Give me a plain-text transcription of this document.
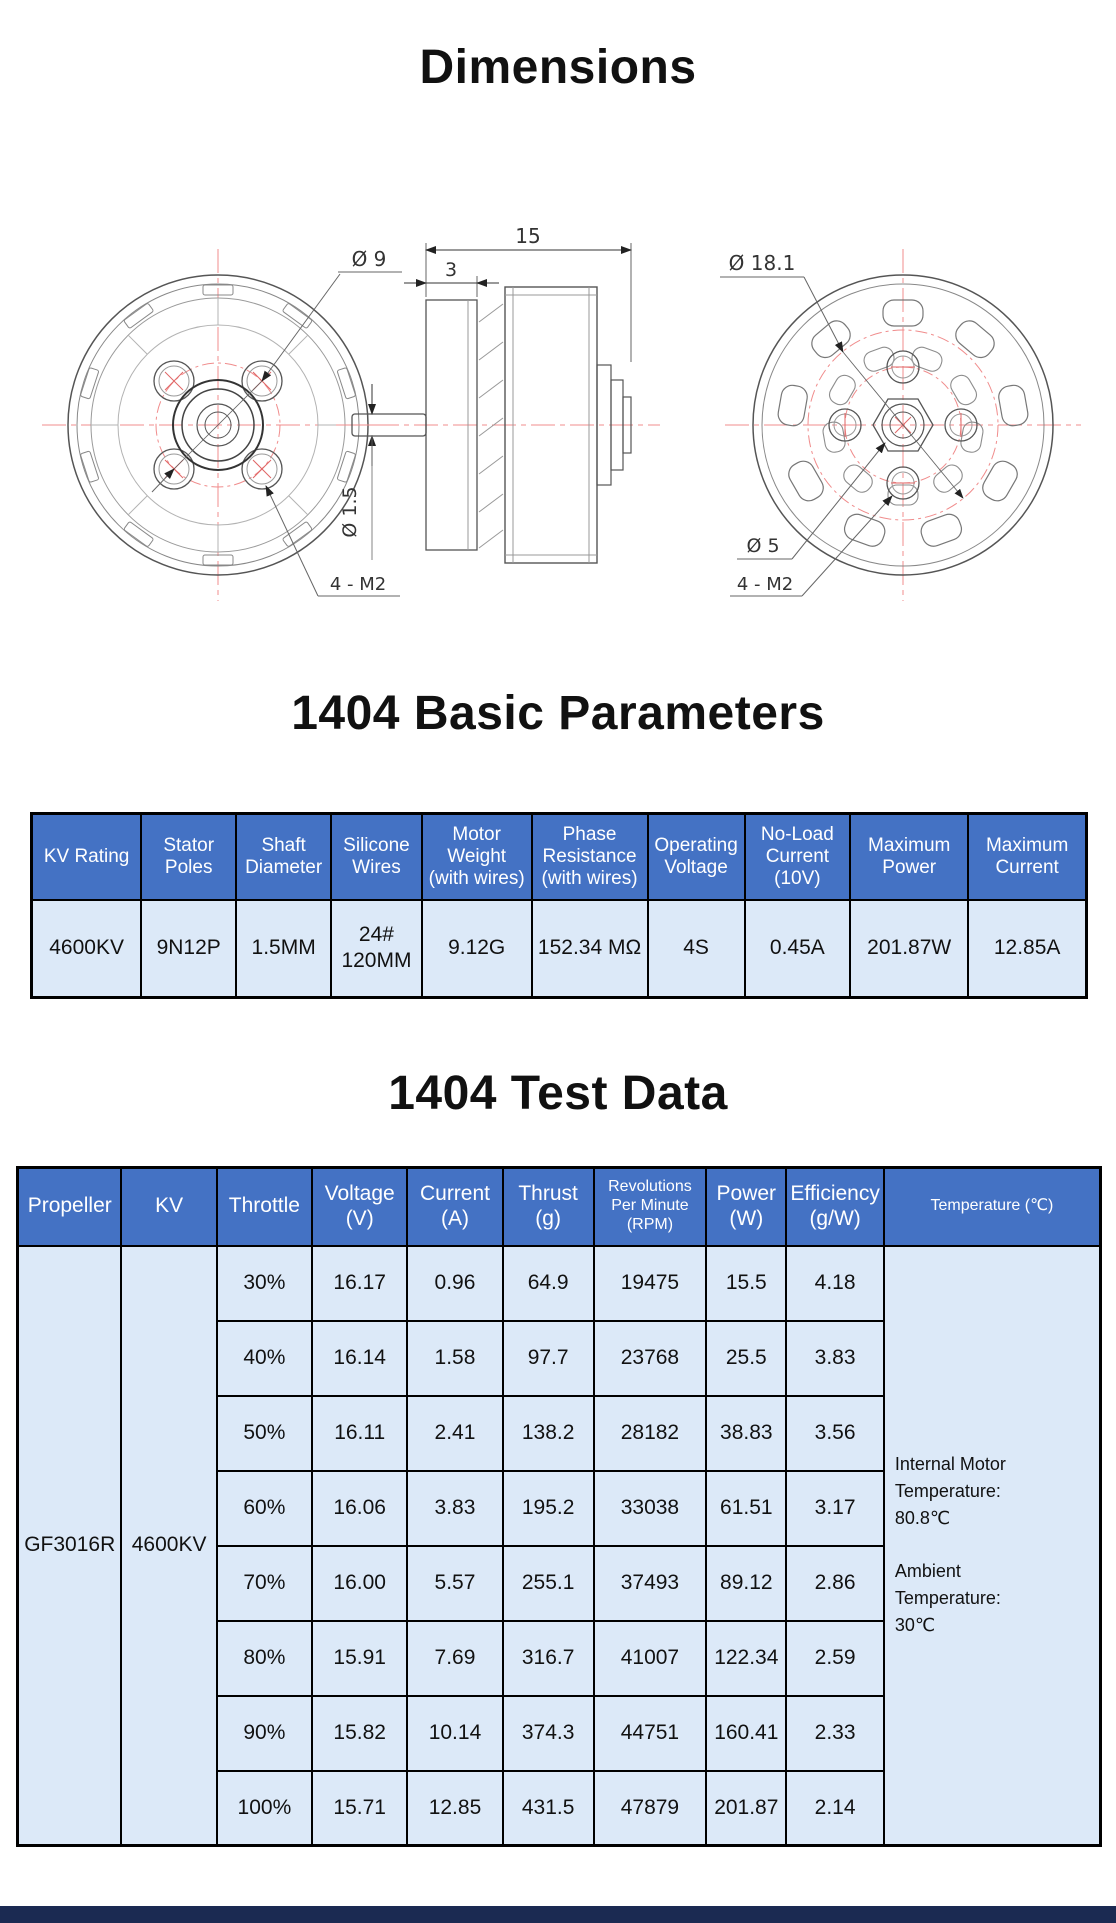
Dimensions
Ø 9
4 - M2
15
3
Ø 1.5
Ø 18.1
Ø 5
4 - M2
1404 Basic Parameters
KV Rating	Stator Poles	Shaft Diameter	Silicone Wires	Motor Weight (with wires)	Phase Resistance (with wires)	Operating Voltage	No-Load Current (10V)	Maximum Power	Maximum Current
4600KV	9N12P	1.5MM	24# 120MM	9.12G	152.34 MΩ	4S	0.45A	201.87W	12.85A
1404 Test Data
Propeller	KV	Throttle	Voltage (V)	Current (A)	Thrust (g)	Revolutions Per Minute (RPM)	Power (W)	Efficiency (g/W)	Temperature (℃)
GF3016R	4600KV	30%	16.17	0.96	64.9	19475	15.5	4.18	Internal Motor Temperature: 80.8℃
Ambient Temperature: 30℃

		40%	16.14	1.58	97.7	23768	25.5	3.83	
		50%	16.11	2.41	138.2	28182	38.83	3.56	
		60%	16.06	3.83	195.2	33038	61.51	3.17	
		70%	16.00	5.57	255.1	37493	89.12	2.86	
		80%	15.91	7.69	316.7	41007	122.34	2.59	
		90%	15.82	10.14	374.3	44751	160.41	2.33	
		100%	15.71	12.85	431.5	47879	201.87	2.14	
